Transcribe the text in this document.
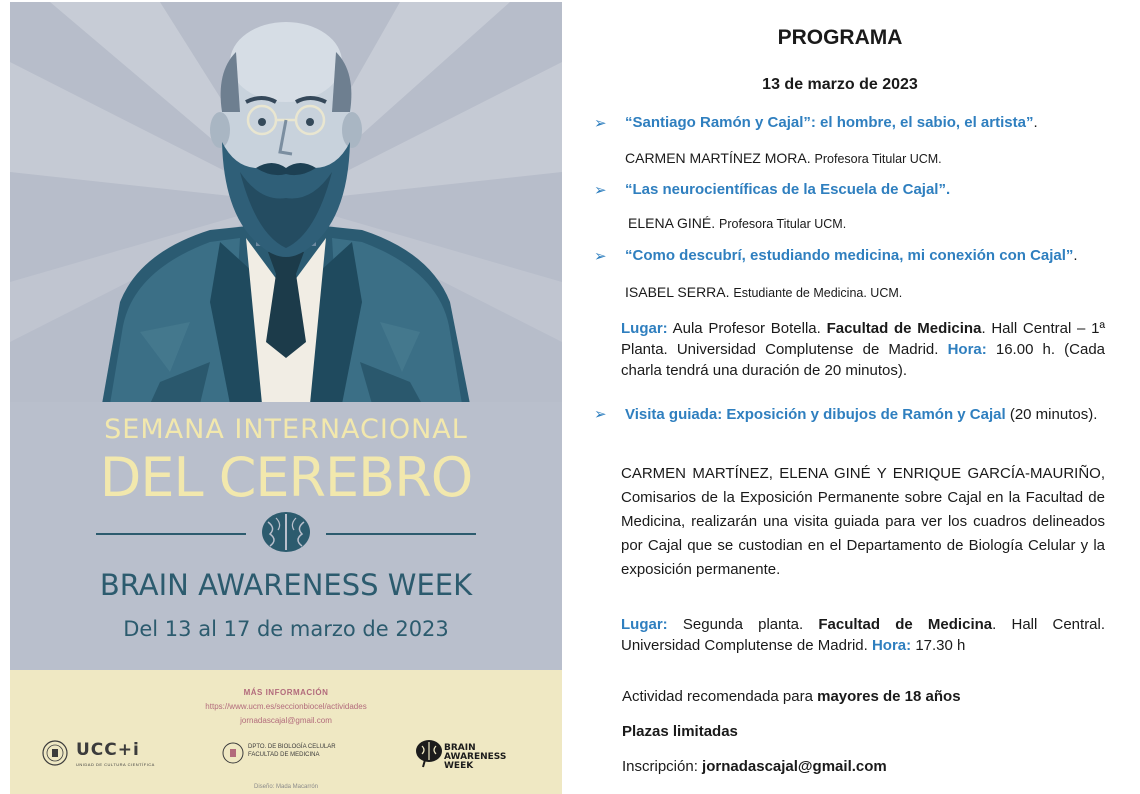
SEMANA INTERNACIONAL
DEL CEREBRO
BRAIN AWARENESS WEEK
Del 13 al 17 de marzo de 2023
MÁS INFORMACIÓN
https://www.ucm.es/seccionbiocel/actividades
jornadascajal@gmail.com
UCC+i
UNIDAD DE CULTURA CIENTÍFICA
DPTO. DE BIOLOGÍA CELULAR
FACULTAD DE MEDICINA
BRAIN
AWARENESS
WEEK
Diseño: Mada Macarrón
PROGRAMA
13 de marzo de 2023
➢ “Santiago Ramón y Cajal”: el hombre, el sabio, el artista”.
CARMEN MARTÍNEZ MORA. Profesora Titular UCM.
➢ “Las neurocientíficas de la Escuela de Cajal”.
ELENA GINÉ. Profesora Titular UCM.
➢ “Como descubrí, estudiando medicina, mi conexión con Cajal”.
ISABEL SERRA. Estudiante de Medicina. UCM.
Lugar: Aula Profesor Botella. Facultad de Medicina. Hall Central – 1ª Planta. Universidad Complutense de Madrid. Hora: 16.00 h. (Cada charla tendrá una duración de 20 minutos).
➢ Visita guiada: Exposición y dibujos de Ramón y Cajal (20 minutos).
CARMEN MARTÍNEZ, ELENA GINÉ Y ENRIQUE GARCÍA-MAURIÑO, Comisarios de la Exposición Permanente sobre Cajal en la Facultad de Medicina, realizarán una visita guiada para ver los cuadros delineados por Cajal que se custodian en el Departamento de Biología Celular y la exposición permanente.
Lugar: Segunda planta. Facultad de Medicina. Hall Central. Universidad Complutense de Madrid. Hora: 17.30 h
Actividad recomendada para mayores de 18 años
Plazas limitadas
Inscripción: jornadascajal@gmail.com
